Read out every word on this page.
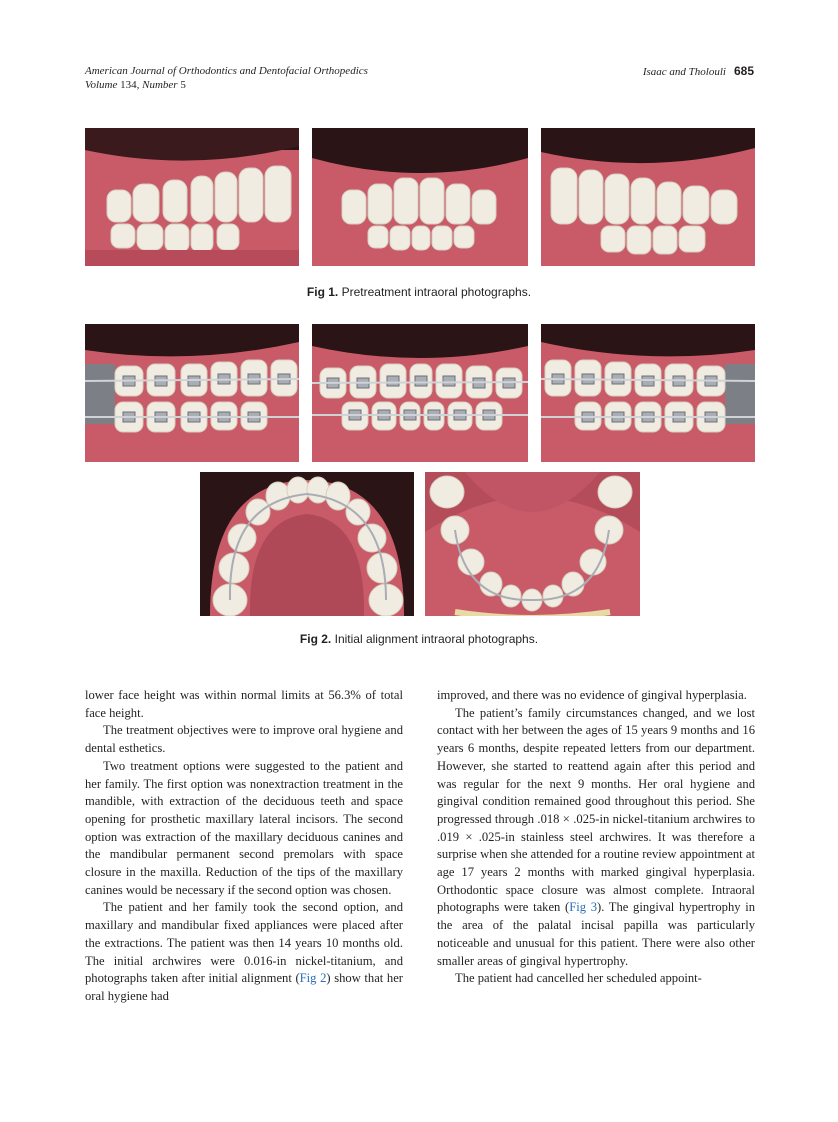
American Journal of Orthodontics and Dentofacial Orthopedics
Volume 134, Number 5
Isaac and Tholouli 685
Fig 1. Pretreatment intraoral photographs.
Fig 2. Initial alignment intraoral photographs.

lower face height was within normal limits at 56.3% of total face height.

The treatment objectives were to improve oral hygiene and dental esthetics.

Two treatment options were suggested to the patient and her family. The first option was nonextraction treatment in the mandible, with extraction of the deciduous teeth and space opening for prosthetic maxillary lateral incisors. The second option was extraction of the maxillary deciduous canines and the mandibular permanent second premolars with space closure in the maxilla. Reduction of the tips of the maxillary canines would be necessary if the second option was chosen.

The patient and her family took the second option, and maxillary and mandibular fixed appliances were placed after the extractions. The patient was then 14 years 10 months old. The initial archwires were 0.016-in nickel-titanium, and photographs taken after initial alignment (Fig 2) show that her oral hygiene had

improved, and there was no evidence of gingival hyperplasia.

The patient’s family circumstances changed, and we lost contact with her between the ages of 15 years 9 months and 16 years 6 months, despite repeated letters from our department. However, she started to reattend again after this period and was regular for the next 9 months. Her oral hygiene and gingival condition remained good throughout this period. She progressed through .018 × .025-in nickel-titanium archwires to .019 × .025-in stainless steel archwires. It was therefore a surprise when she attended for a routine review appointment at age 17 years 2 months with marked gingival hyperplasia. Orthodontic space closure was almost complete. Intraoral photographs were taken (Fig 3). The gingival hypertrophy in the area of the palatal incisal papilla was particularly noticeable and unusual for this patient. There were also other smaller areas of gingival hypertrophy.

The patient had cancelled her scheduled appoint-
